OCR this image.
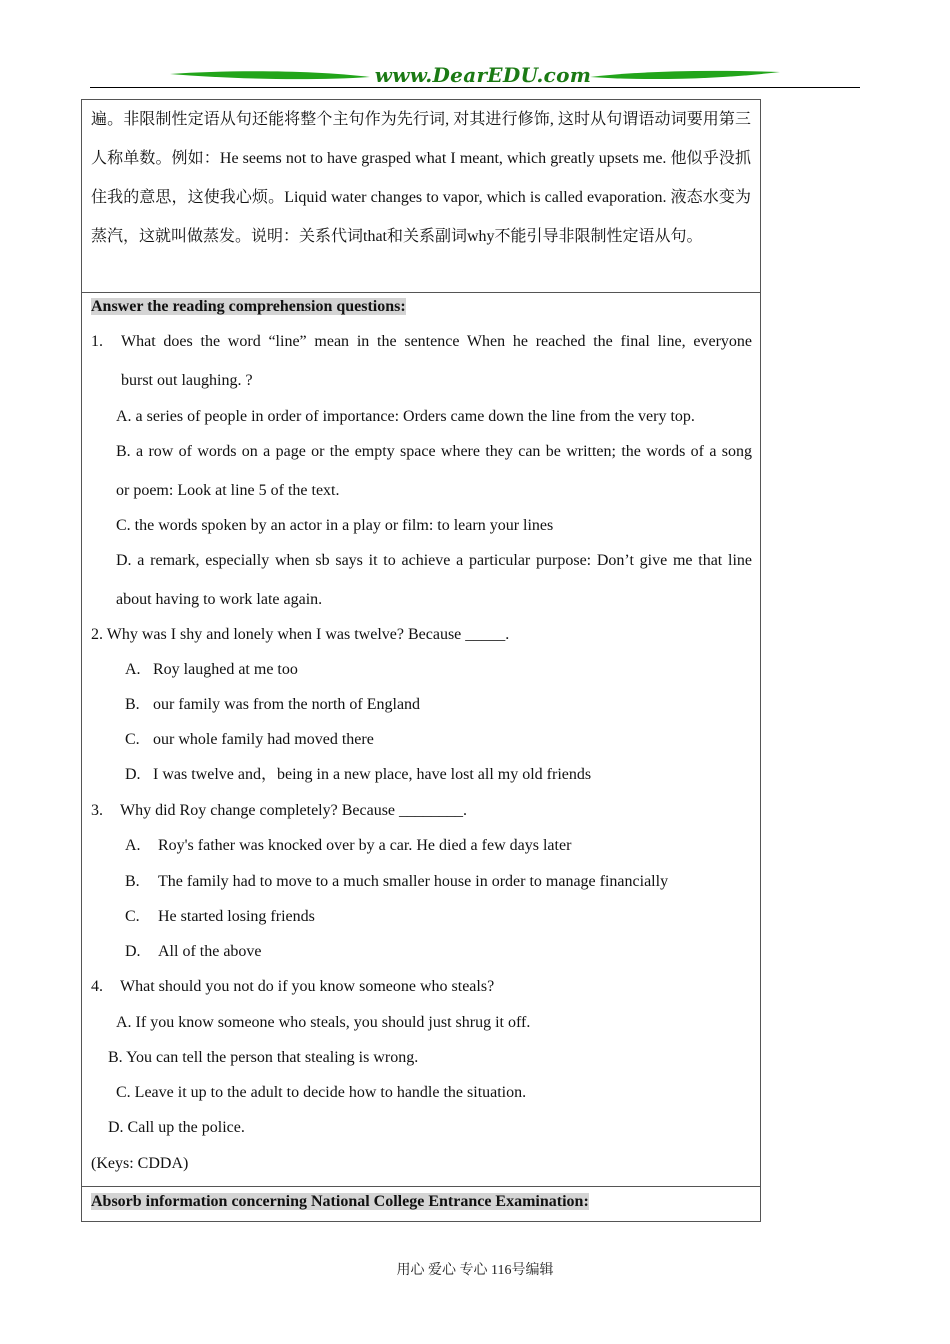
www.DearEDU.com

遍。非限制性定语从句还能将整个主句作为先行词, 对其进行修饰, 这时从句谓语动词要用第三人称单数。例如：He seems not to have grasped what I meant, which greatly upsets me. 他似乎没抓住我的意思，这使我心烦。Liquid water changes to vapor, which is called evaporation. 液态水变为蒸汽，这就叫做蒸发。说明：关系代词that和关系副词why不能引导非限制性定语从句。

Answer the reading comprehension questions:
1. What does the word “line” mean in the sentence When he reached the final line, everyone
burst out laughing. ?
A. a series of people in order of importance: Orders came down the line from the very top.
B. a row of words on a page or the empty space where they can be written; the words of a song
or poem: Look at line 5 of the text.
C. the words spoken by an actor in a play or film: to learn your lines
D. a remark, especially when sb says it to achieve a particular purpose: Don’t give me that line
about having to work late again.
2. Why was I shy and lonely when I was twelve? Because _____.
A. Roy laughed at me too
B. our family was from the north of England
C. our whole family had moved there
D. I was twelve and，being in a new place, have lost all my old friends
3. Why did Roy change completely? Because ________.
A. Roy's father was knocked over by a car. He died a few days later
B. The family had to move to a much smaller house in order to manage financially
C. He started losing friends
D. All of the above
4. What should you not do if you know someone who steals?
A. If you know someone who steals, you should just shrug it off.
B. You can tell the person that stealing is wrong.
C. Leave it up to the adult to decide how to handle the situation.
D. Call up the police.
(Keys: CDDA)
Absorb information concerning National College Entrance Examination:
用心 爱心 专心 116号编辑
